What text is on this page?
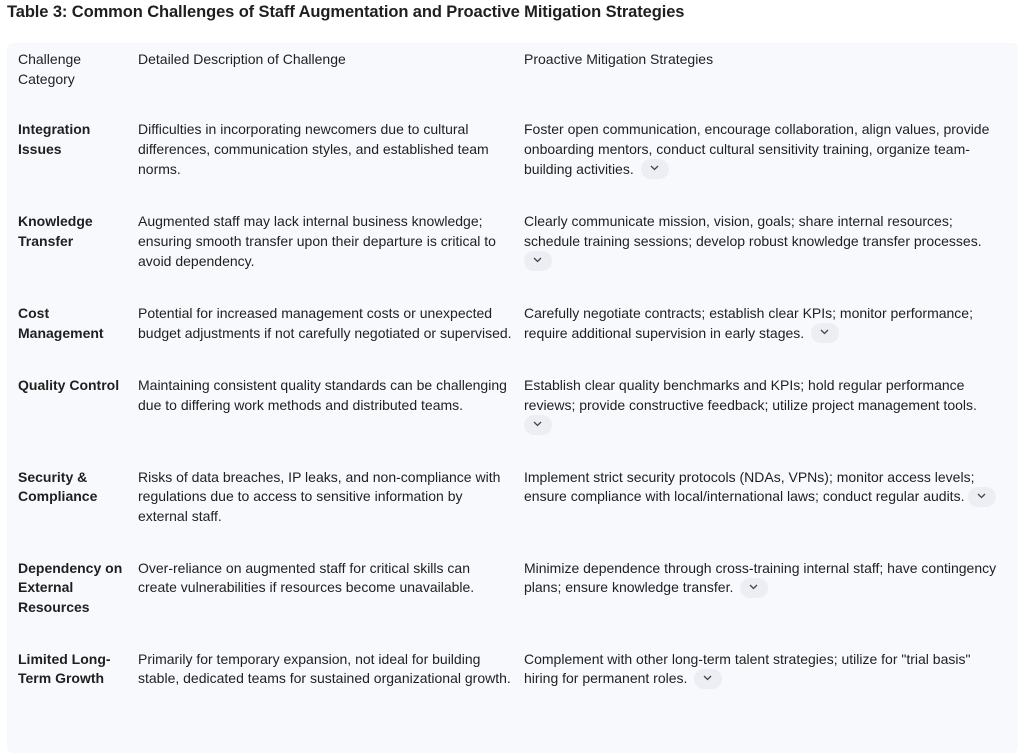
Table 3: Common Challenges of Staff Augmentation and Proactive Mitigation Strategies
Challenge Category	Detailed Description of Challenge	Proactive Mitigation Strategies
Integration Issues	Difficulties in incorporating newcomers due to cultural differences, communication styles, and established team norms.	Foster open communication, encourage collaboration, align values, provide onboarding mentors, conduct cultural sensitivity training, organize team-building activities.

Knowledge Transfer	Augmented staff may lack internal business knowledge; ensuring smooth transfer upon their departure is critical to avoid dependency.	Clearly communicate mission, vision, goals; share internal resources; schedule training sessions; develop robust knowledge transfer processes.

Cost Management	Potential for increased management costs or unexpected budget adjustments if not carefully negotiated or supervised.	Carefully negotiate contracts; establish clear KPIs; monitor performance; require additional supervision in early stages.

Quality Control	Maintaining consistent quality standards can be challenging due to differing work methods and distributed teams.	Establish clear quality benchmarks and KPIs; hold regular performance reviews; provide constructive feedback; utilize project management tools.

Security & Compliance	Risks of data breaches, IP leaks, and non-compliance with regulations due to access to sensitive information by external staff.	Implement strict security protocols (NDAs, VPNs); monitor access levels; ensure compliance with local/international laws; conduct regular audits.

Dependency on External Resources	Over-reliance on augmented staff for critical skills can create vulnerabilities if resources become unavailable.	Minimize dependence through cross-training internal staff; have contingency plans; ensure knowledge transfer.

Limited Long-Term Growth	Primarily for temporary expansion, not ideal for building stable, dedicated teams for sustained organizational growth.	Complement with other long-term talent strategies; utilize for "trial basis" hiring for permanent roles.
